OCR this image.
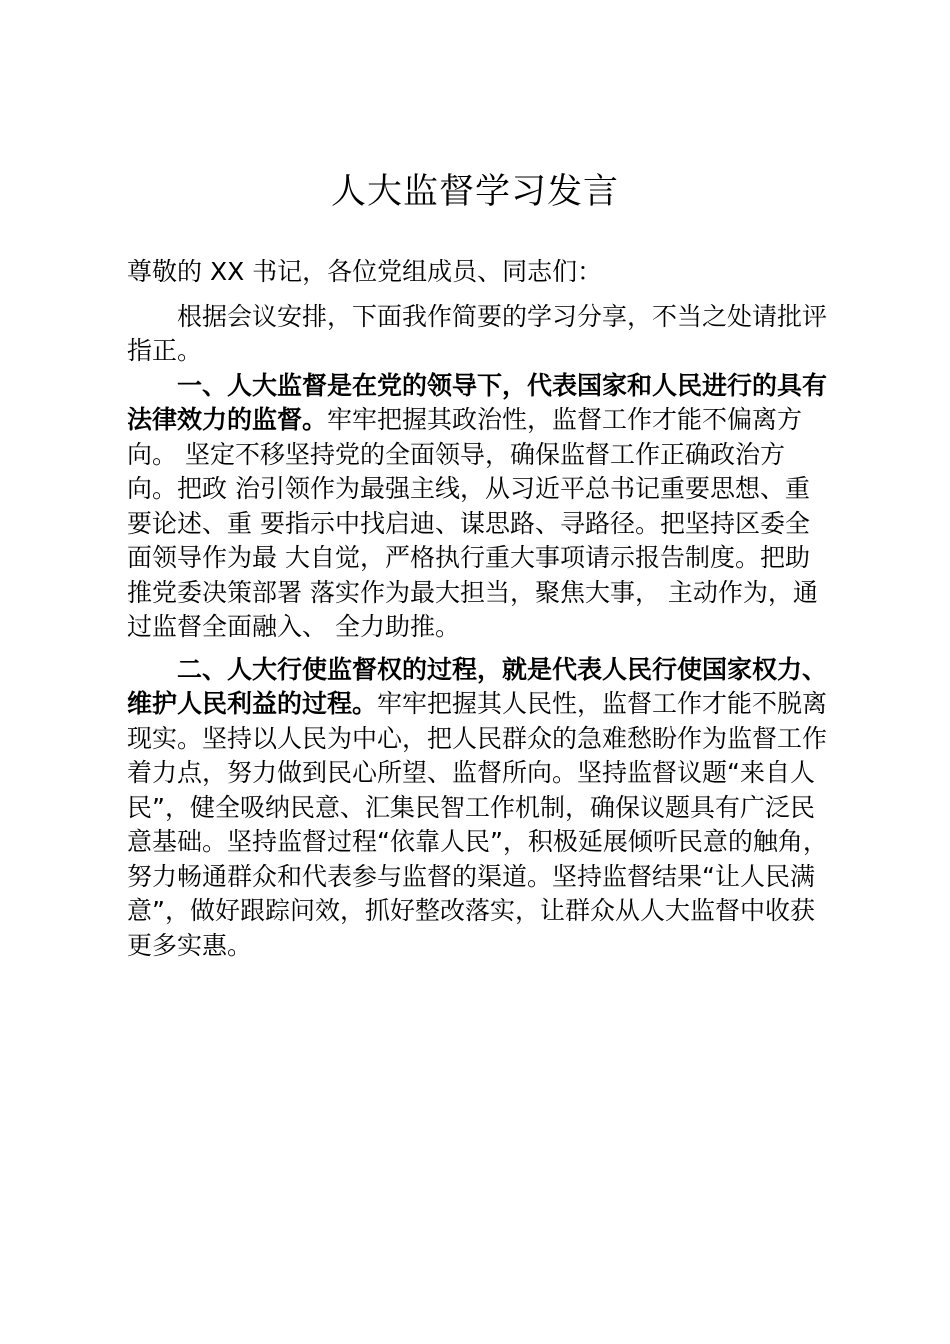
人大监督学习发言

尊敬的 XX 书记，各位党组成员、同志们：

根据会议安排，下面我作简要的学习分享，不当之处请批评指正。

一、人大监督是在党的领导下，代表国家和人民进行的具有法律效力的监督。牢牢把握其政治性，监督工作才能不偏离方向。 坚定不移坚持党的全面领导，确保监督工作正确政治方向。把政 治引领作为最强主线，从习近平总书记重要思想、重要论述、重 要指示中找启迪、谋思路、寻路径。把坚持区委全面领导作为最 大自觉，严格执行重大事项请示报告制度。把助推党委决策部署 落实作为最大担当，聚焦大事， 主动作为，通过监督全面融入、 全力助推。

二、人大行使监督权的过程，就是代表人民行使国家权力、维护人民利益的过程。牢牢把握其人民性，监督工作才能不脱离现实。坚持以人民为中心，把人民群众的急难愁盼作为监督工作着力点，努力做到民心所望、监督所向。坚持监督议题“来自人民”，健全吸纳民意、汇集民智工作机制，确保议题具有广泛民意基础。坚持监督过程“依靠人民”，积极延展倾听民意的触角，努力畅通群众和代表参与监督的渠道。坚持监督结果“让人民满意”，做好跟踪问效，抓好整改落实，让群众从人大监督中收获更多实惠。
